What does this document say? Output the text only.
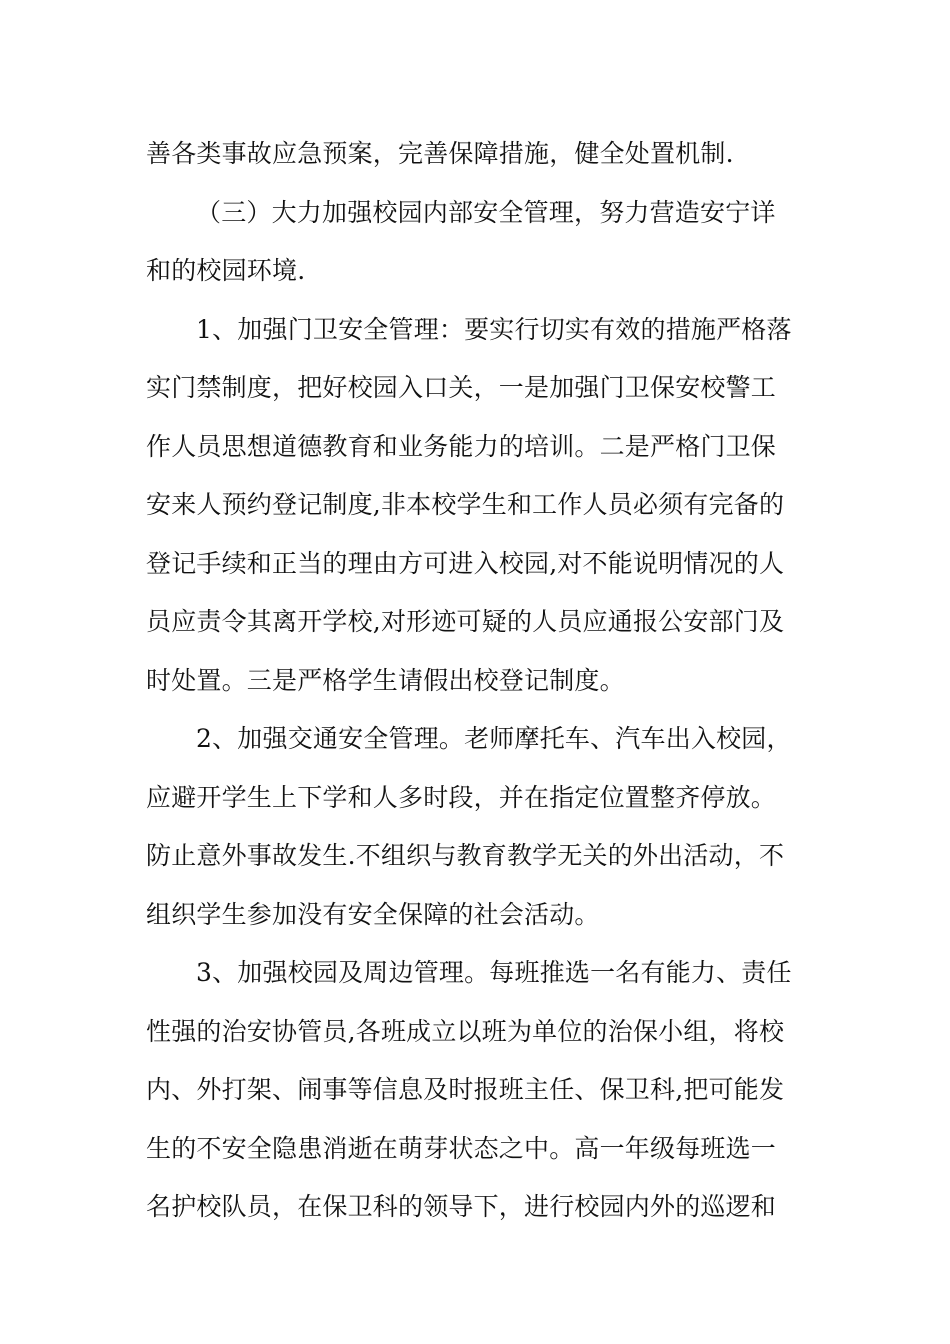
善各类事故应急预案，完善保障措施，健全处置机制.
（三）大力加强校园内部安全管理，努力营造安宁详
和的校园环境.
1、加强门卫安全管理：要实行切实有效的措施严格落
实门禁制度，把好校园入口关，一是加强门卫保安校警工
作人员思想道德教育和业务能力的培训。二是严格门卫保
安来人预约登记制度,非本校学生和工作人员必须有完备的
登记手续和正当的理由方可进入校园,对不能说明情况的人
员应责令其离开学校,对形迹可疑的人员应通报公安部门及
时处置。三是严格学生请假出校登记制度。
2、加强交通安全管理。老师摩托车、汽车出入校园，
应避开学生上下学和人多时段，并在指定位置整齐停放。
防止意外事故发生.不组织与教育教学无关的外出活动，不
组织学生参加没有安全保障的社会活动。
3、加强校园及周边管理。每班推选一名有能力、责任
性强的治安协管员,各班成立以班为单位的治保小组，将校
内、外打架、闹事等信息及时报班主任、保卫科,把可能发
生的不安全隐患消逝在萌芽状态之中。高一年级每班选一
名护校队员，在保卫科的领导下，进行校园内外的巡逻和
